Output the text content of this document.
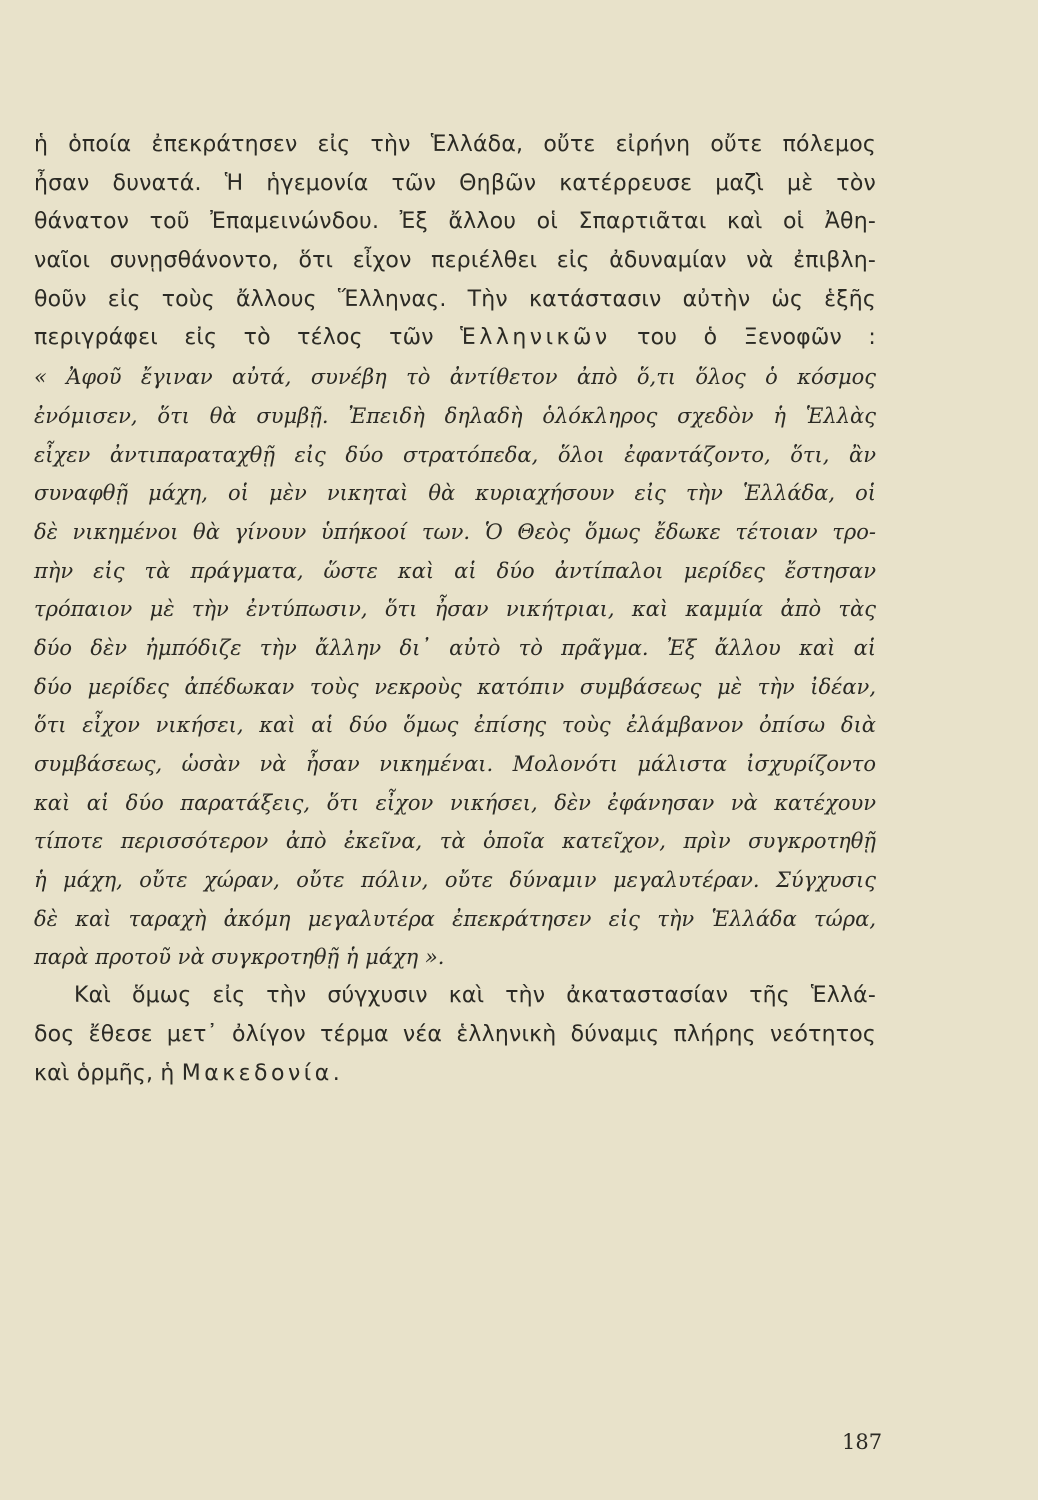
ἡ ὁποία ἐπεκράτησεν εἰς τὴν Ἑλλάδα, οὔτε εἰρήνη οὔτε πόλεμος
ἦσαν δυνατά. Ἡ ἡγεμονία τῶν Θηβῶν κατέρρευσε μαζὶ μὲ τὸν
θάνατον τοῦ Ἐπαμεινώνδου. Ἐξ ἄλλου οἱ Σπαρτιᾶται καὶ οἱ Ἀθη-
ναῖοι συνῃσθάνοντο, ὅτι εἶχον περιέλθει εἰς ἀδυναμίαν νὰ ἐπιβλη-
θοῦν εἰς τοὺς ἄλλους Ἕλληνας. Τὴν κατάστασιν αὐτὴν ὡς ἑξῆς
περιγράφει εἰς τὸ τέλος τῶν Ἑλληνικῶν του ὁ Ξενοφῶν :
« Ἀφοῦ ἔγιναν αὐτά, συνέβη τὸ ἀντίθετον ἀπὸ ὅ,τι ὅλος ὁ κόσμος
ἐνόμισεν, ὅτι θὰ συμβῇ. Ἐπειδὴ δηλαδὴ ὁλόκληρος σχεδὸν ἡ Ἑλλὰς
εἶχεν ἀντιπαραταχθῇ εἰς δύο στρατόπεδα, ὅλοι ἐφαντάζοντο, ὅτι, ἂν
συναφθῇ μάχη, οἱ μὲν νικηταὶ θὰ κυριαχήσουν εἰς τὴν Ἑλλάδα, οἱ
δὲ νικημένοι θὰ γίνουν ὑπήκοοί των. Ὁ Θεὸς ὅμως ἔδωκε τέτοιαν τρο-
πὴν εἰς τὰ πράγματα, ὥστε καὶ αἱ δύο ἀντίπαλοι μερίδες ἔστησαν
τρόπαιον μὲ τὴν ἐντύπωσιν, ὅτι ἦσαν νικήτριαι, καὶ καμμία ἀπὸ τὰς
δύο δὲν ἠμπόδιζε τὴν ἄλλην δι᾿ αὐτὸ τὸ πρᾶγμα. Ἐξ ἄλλου καὶ αἱ
δύο μερίδες ἀπέδωκαν τοὺς νεκροὺς κατόπιν συμβάσεως μὲ τὴν ἰδέαν,
ὅτι εἶχον νικήσει, καὶ αἱ δύο ὅμως ἐπίσης τοὺς ἐλάμβανον ὀπίσω διὰ
συμβάσεως, ὡσὰν νὰ ἦσαν νικημέναι. Μολονότι μάλιστα ἰσχυρίζοντο
καὶ αἱ δύο παρατάξεις, ὅτι εἶχον νικήσει, δὲν ἐφάνησαν νὰ κατέχουν
τίποτε περισσότερον ἀπὸ ἐκεῖνα, τὰ ὁποῖα κατεῖχον, πρὶν συγκροτηθῇ
ἡ μάχη, οὔτε χώραν, οὔτε πόλιν, οὔτε δύναμιν μεγαλυτέραν. Σύγχυσις
δὲ καὶ ταραχὴ ἀκόμη μεγαλυτέρα ἐπεκράτησεν εἰς τὴν Ἑλλάδα τώρα,
παρὰ προτοῦ νὰ συγκροτηθῇ ἡ μάχη ».
Καὶ ὅμως εἰς τὴν σύγχυσιν καὶ τὴν ἀκαταστασίαν τῆς Ἑλλά-
δος ἔθεσε μετ᾿ ὀλίγον τέρμα νέα ἑλληνικὴ δύναμις πλήρης νεότητος
καὶ ὁρμῆς, ἡ Μακεδονία.
187
